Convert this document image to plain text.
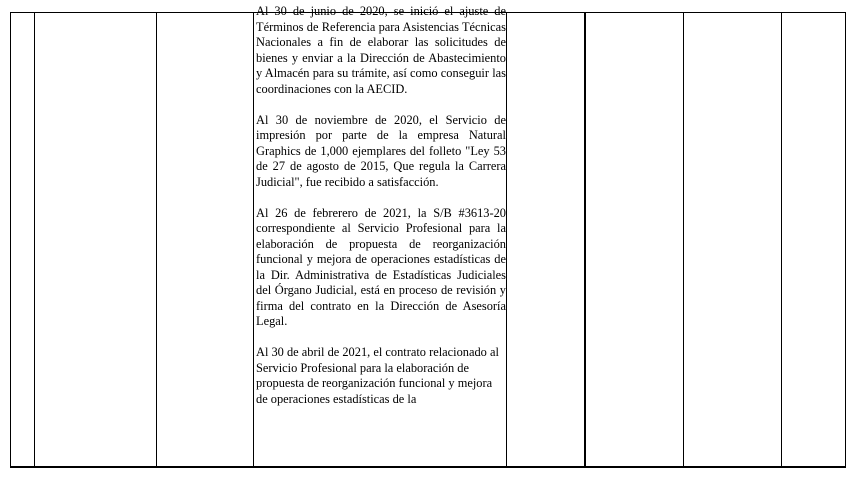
Al 30 de junio de 2020, se inició el ajuste de Términos de Referencia para Asistencias Técnicas Nacionales a fin de elaborar las solicitudes de bienes y enviar a la Dirección de Abastecimiento y Almacén para su trámite, así como conseguir las coordinaciones con la AECID.

Al 30 de noviembre de 2020, el Servicio de impresión por parte de la empresa Natural Graphics de 1,000 ejemplares del folleto "Ley 53 de 27 de agosto de 2015, Que regula la Carrera Judicial", fue recibido a satisfacción.

Al 26 de febrerero de 2021, la S/B #3613-20 correspondiente al Servicio Profesional para la elaboración de propuesta de reorganización funcional y mejora de operaciones estadísticas de la Dir. Administrativa de Estadísticas Judiciales del Órgano Judicial, está en proceso de revisión y firma del contrato en la Dirección de Asesoría Legal.

Al 30 de abril de 2021, el contrato relacionado al Servicio Profesional para la elaboración de propuesta de reorganización funcional y mejora de operaciones estadísticas de la
